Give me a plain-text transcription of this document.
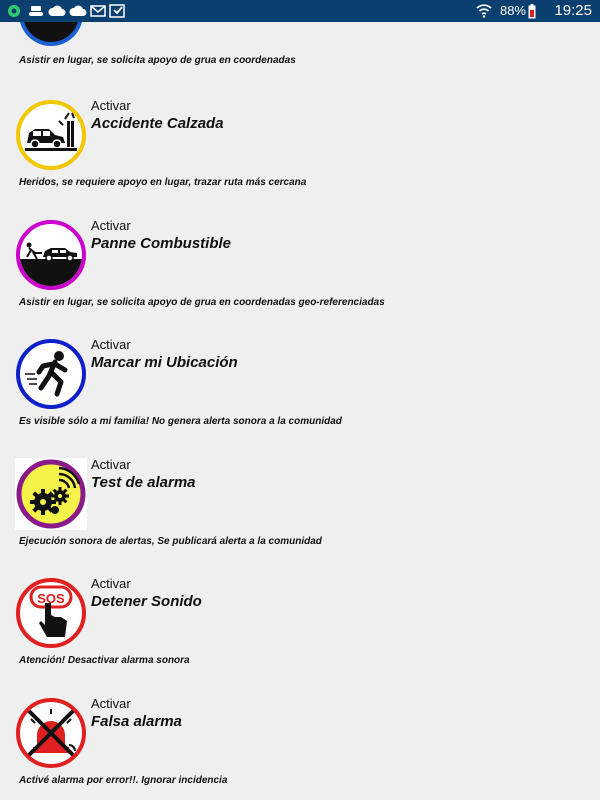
88% 19:25
Asistir en lugar, se solicita apoyo de grua en coordenadas
Activar
Accidente Calzada
Heridos, se requiere apoyo en lugar, trazar ruta más cercana
Activar
Panne Combustible
Asistir en lugar, se solicita apoyo de grua en coordenadas geo-referenciadas
Activar
Marcar mi Ubicación
Es visible sólo a mi familia! No genera alerta sonora a la comunidad
Activar
Test de alarma
Ejecución sonora de alertas, Se publicará alerta a la comunidad
SOS
Activar
Detener Sonido
Atención! Desactivar alarma sonora
Activar
Falsa alarma
Activé alarma por error!!. Ignorar incidencia
